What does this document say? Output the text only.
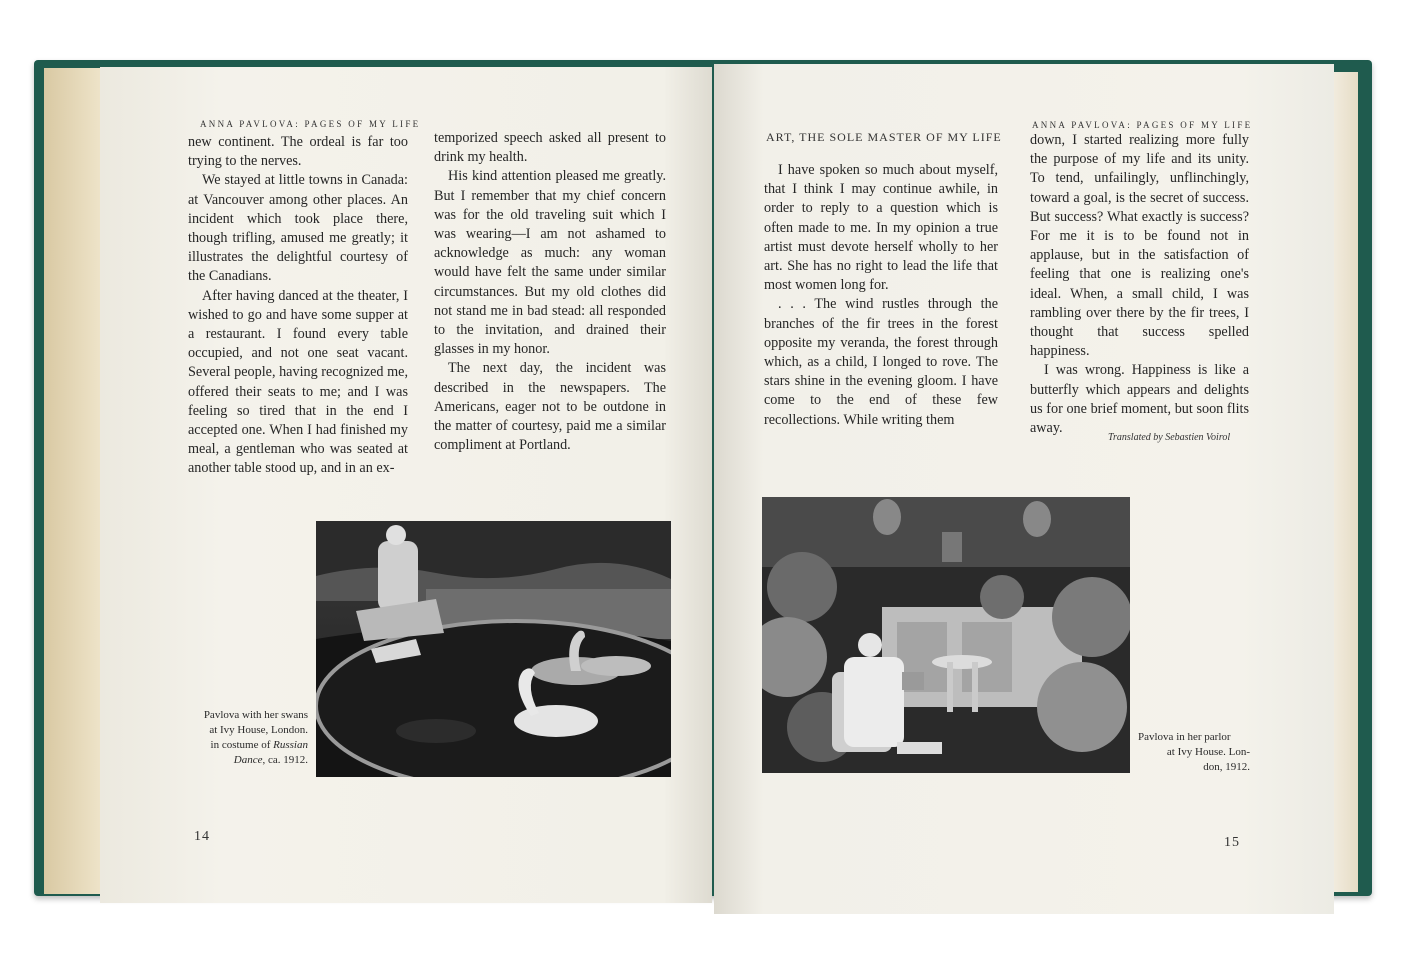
ANNA PAVLOVA: PAGES OF MY LIFE

new continent. The ordeal is far too trying to the nerves.

We stayed at little towns in Canada: at Vancouver among other places. An incident which took place there, though trifling, amused me greatly; it illustrates the delightful courtesy of the Canadians.

After having danced at the theater, I wished to go and have some supper at a restaurant. I found every table occupied, and not one seat vacant. Several people, having recognized me, offered their seats to me; and I was feeling so tired that in the end I accepted one. When I had finished my meal, a gentleman who was seated at another table stood up, and in an ex-

temporized speech asked all present to drink my health.

His kind attention pleased me greatly. But I remember that my chief concern was for the old traveling suit which I was wearing—I am not ashamed to acknowledge as much: any woman would have felt the same under similar circumstances. But my old clothes did not stand me in bad stead: all responded to the invitation, and drained their glasses in my honor.

The next day, the incident was described in the newspapers. The Americans, eager not to be outdone in the matter of courtesy, paid me a similar compliment at Portland.

Pavlova with her swans
at Ivy House, London.
in costume of Russian
Dance, ca. 1912.
14
ART, THE SOLE MASTER OF MY LIFE
ANNA PAVLOVA: PAGES OF MY LIFE

I have spoken so much about myself, that I think I may continue awhile, in order to reply to a question which is often made to me. In my opinion a true artist must devote herself wholly to her art. She has no right to lead the life that most women long for.

. . . The wind rustles through the branches of the fir trees in the forest opposite my veranda, the forest through which, as a child, I longed to rove. The stars shine in the evening gloom. I have come to the end of these few recollections. While writing them

down, I started realizing more fully the purpose of my life and its unity. To tend, unfailingly, unflinchingly, toward a goal, is the secret of success. But success? What exactly is success? For me it is to be found not in applause, but in the satisfaction of feeling that one is realizing one's ideal. When, a small child, I was rambling over there by the fir trees, I thought that success spelled happiness.

I was wrong. Happiness is like a butterfly which appears and delights us for one brief moment, but soon flits away.

Translated by Sebastien Voirol
Pavlova in her parlor
at Ivy House. Lon-
don, 1912.
15
